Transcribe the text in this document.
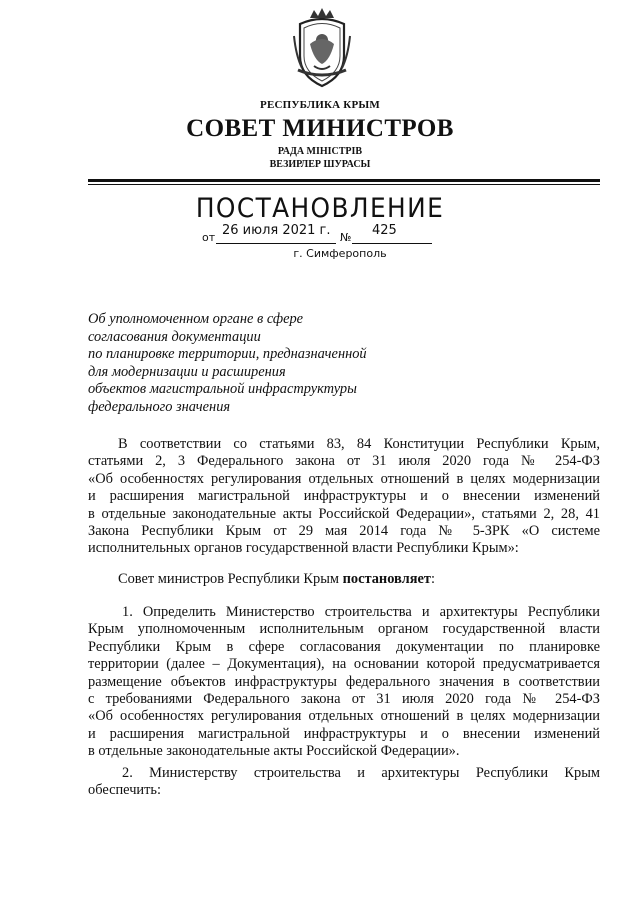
РЕСПУБЛИКА КРЫМ
СОВЕТ МИНИСТРОВ
РАДА МІНІСТРІВ
ВЕЗИРЛЕР ШУРАСЫ
ПОСТАНОВЛЕНИЕ
от 26 июля 2021 г. № 425
г. Симферополь
Об уполномоченном органе в сфере
согласования документации
по планировке территории, предназначенной
для модернизации и расширения
объектов магистральной инфраструктуры
федерального значения
В соответствии со статьями 83, 84 Конституции Республики Крым,
статьями 2, 3 Федерального закона от 31 июля 2020 года № 254-ФЗ
«Об особенностях регулирования отдельных отношений в целях модернизации
и расширения магистральной инфраструктуры и о внесении изменений
в отдельные законодательные акты Российской Федерации», статьями 2, 28, 41
Закона Республики Крым от 29 мая 2014 года № 5-ЗРК «О системе
исполнительных органов государственной власти Республики Крым»:
Совет министров Республики Крым постановляет:
1. Определить Министерство строительства и архитектуры Республики
Крым уполномоченным исполнительным органом государственной власти
Республики Крым в сфере согласования документации по планировке
территории (далее – Документация), на основании которой предусматривается
размещение объектов инфраструктуры федерального значения в соответствии
с требованиями Федерального закона от 31 июля 2020 года № 254-ФЗ
«Об особенностях регулирования отдельных отношений в целях модернизации
и расширения магистральной инфраструктуры и о внесении изменений
в отдельные законодательные акты Российской Федерации».
2. Министерству строительства и архитектуры Республики Крым
обеспечить:
